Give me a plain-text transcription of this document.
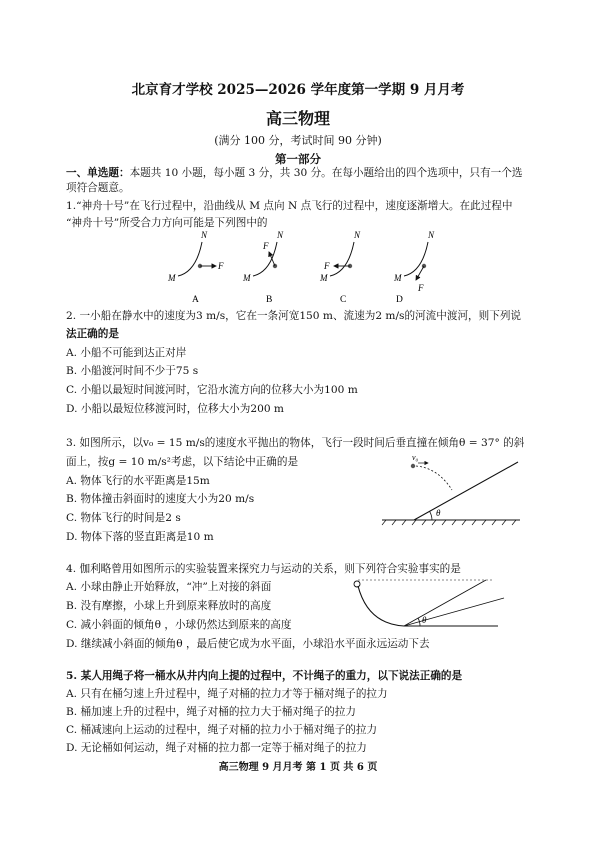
北京育才学校 2025—2026 学年度第一学期 9 月月考
高三物理
(满分 100 分，考试时间 90 分钟)
第一部分
一、单选题：本题共 10 小题，每小题 3 分，共 30 分。在每小题给出的四个选项中，只有一个选
项符合题意。
1.“神舟十号”在飞行过程中，沿曲线从 M 点向 N 点飞行的过程中，速度逐渐增大。在此过程中
“神舟十号”所受合力方向可能是下列图中的
N
M
F
A
N
M
F
B
N
M
F
C
N
M
F
D
2. 一小船在静水中的速度为3 m/s，它在一条河宽150 m、流速为2 m/s的河流中渡河，则下列说
法正确的是
A. 小船不可能到达正对岸
B. 小船渡河时间不少于75 s
C. 小船以最短时间渡河时，它沿水流方向的位移大小为100 m
D. 小船以最短位移渡河时，位移大小为200 m
3. 如图所示，以v₀ = 15 m/s的速度水平抛出的物体，飞行一段时间后垂直撞在倾角θ = 37° 的斜
面上，按g = 10 m/s²考虑，以下结论中正确的是
A. 物体飞行的水平距离是15m
B. 物体撞击斜面时的速度大小为20 m/s
C. 物体飞行的时间是2 s
D. 物体下落的竖直距离是10 m
θ
v₀
4. 伽利略曾用如图所示的实验装置来探究力与运动的关系，则下列符合实验事实的是
A. 小球由静止开始释放，“冲”上对接的斜面
B. 没有摩擦，小球上升到原来释放时的高度
C. 减小斜面的倾角θ ，小球仍然达到原来的高度
D. 继续减小斜面的倾角θ ，最后使它成为水平面，小球沿水平面永远运动下去
θ
5. 某人用绳子将一桶水从井内向上提的过程中，不计绳子的重力，以下说法正确的是
A. 只有在桶匀速上升过程中，绳子对桶的拉力才等于桶对绳子的拉力
B. 桶加速上升的过程中，绳子对桶的拉力大于桶对绳子的拉力
C. 桶减速向上运动的过程中，绳子对桶的拉力小于桶对绳子的拉力
D. 无论桶如何运动，绳子对桶的拉力都一定等于桶对绳子的拉力
高三物理 9 月月考 第 1 页 共 6 页
